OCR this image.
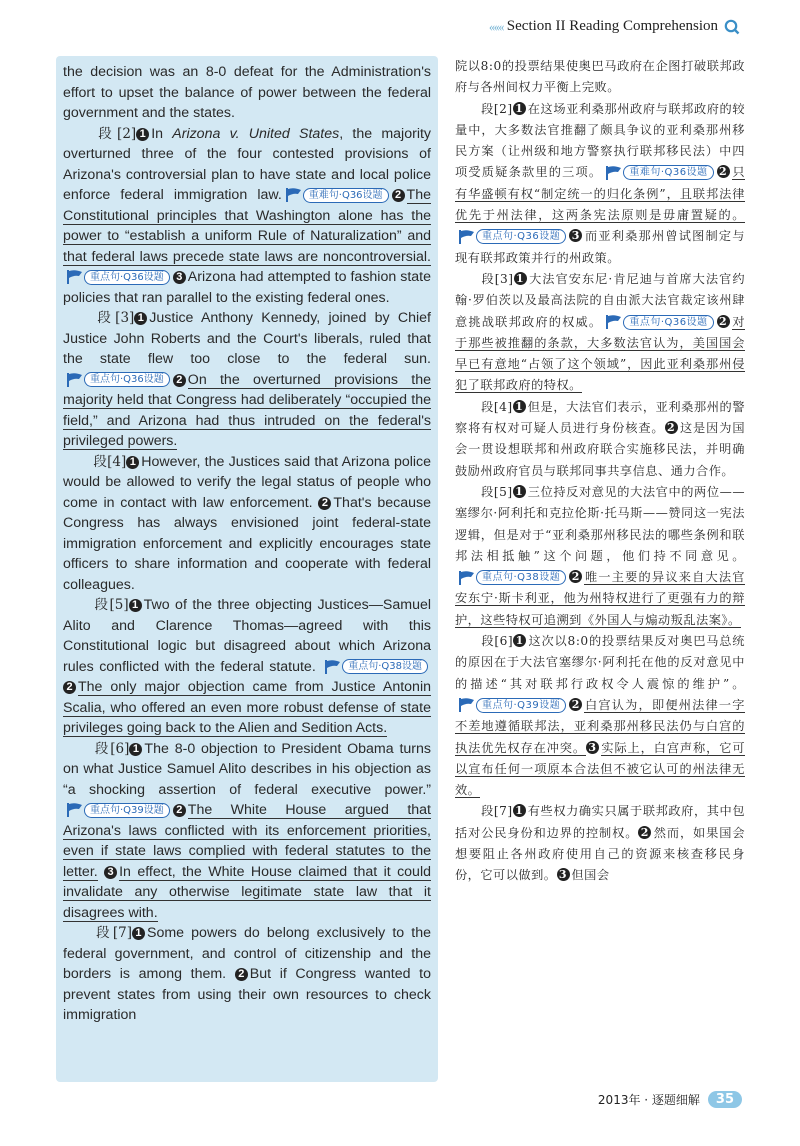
‹‹‹‹‹‹ Section II Reading Comprehension

the decision was an 8-0 defeat for the Administration's effort to upset the balance of power between the federal government and the states.

段[2] 1 In Arizona v. United States, the majority overturned three of the four contested provisions of Arizona's controversial plan to have state and local police enforce federal immigration law.	重难句·Q36设题	2 The Constitutional principles that Washington alone has the power to “establish a uniform Rule of Naturalization” and that federal laws precede state laws are noncontroversial.
重点句·Q36设题	3 Arizona had attempted to fashion state policies that ran parallel to the existing federal ones.

段[3] 1 Justice Anthony Kennedy, joined by Chief Justice John Roberts and the Court's liberals, ruled that the state flew too close to the federal sun.
重点句·Q36设题	2 On the overturned provisions the majority held that Congress had deliberately “occupied the field,” and Arizona had thus intruded on the federal's privileged powers.

段[4] 1 However, the Justices said that Arizona police would be allowed to verify the legal status of people who come in contact with law enforcement. 2 That's because Congress has always envisioned joint federal-state immigration enforcement and explicitly encourages state officers to share information and cooperate with federal colleagues.

段[5] 1 Two of the three objecting Justices—Samuel Alito and Clarence Thomas—agreed with this Constitutional logic but disagreed about which Arizona rules conflicted with the federal statute.	重点句·Q38设题
2 The only major objection came from Justice Antonin Scalia, who offered an even more robust defense of state privileges going back to the Alien and Sedition Acts.

段[6] 1 The 8-0 objection to President Obama turns on what Justice Samuel Alito describes in his objection as “a shocking assertion of federal executive power.”
重点句·Q39设题	2 The White House argued that Arizona's laws conflicted with its enforcement priorities, even if state laws complied with federal statutes to the letter. 3 In effect, the White House claimed that it could invalidate any otherwise legitimate state law that it disagrees with.

段[7] 1 Some powers do belong exclusively to the federal government, and control of citizenship and the borders is among them. 2 But if Congress wanted to prevent states from using their own resources to check immigration

院以8:0的投票结果使奥巴马政府在企图打破联邦政府与各州间权力平衡上完败。

段[2] 1 在这场亚利桑那州政府与联邦政府的较量中，大多数法官推翻了颇具争议的亚利桑那州移民方案（让州级和地方警察执行联邦移民法）中四项受质疑条款里的三项。	重难句·Q36设题	2 只有华盛顿有权“制定统一的归化条例”，且联邦法律优先于州法律，这两条宪法原则是毋庸置疑的。
重点句·Q36设题	3 而亚利桑那州曾试图制定与现有联邦政策并行的州政策。

段[3] 1 大法官安东尼·肯尼迪与首席大法官约翰·罗伯茨以及最高法院的自由派大法官裁定该州肆意挑战联邦政府的权威。	重点句·Q36设题	2 对于那些被推翻的条款，大多数法官认为，美国国会早已有意地“占领了这个领域”，因此亚利桑那州侵犯了联邦政府的特权。

段[4] 1 但是，大法官们表示，亚利桑那州的警察将有权对可疑人员进行身份核查。 2 这是因为国会一贯设想联邦和州政府联合实施移民法，并明确鼓励州政府官员与联邦同事共享信息、通力合作。

段[5] 1 三位持反对意见的大法官中的两位——塞缪尔·阿利托和克拉伦斯·托马斯——赞同这一宪法逻辑，但是对于“亚利桑那州移民法的哪些条例和联邦法相抵触”这个问题，他们持不同意见。
重点句·Q38设题	2 唯一主要的异议来自大法官安东宁·斯卡利亚，他为州特权进行了更强有力的辩护，这些特权可追溯到《外国人与煽动叛乱法案》。

段[6] 1 这次以8:0的投票结果反对奥巴马总统的原因在于大法官塞缪尔·阿利托在他的反对意见中的描述“其对联邦行政权令人震惊的维护”。
重点句·Q39设题	2 白宫认为，即便州法律一字不差地遵循联邦法，亚利桑那州移民法仍与白宫的执法优先权存在冲突。 3 实际上，白宫声称，它可以宣布任何一项原本合法但不被它认可的州法律无效。

段[7] 1 有些权力确实只属于联邦政府，其中包括对公民身份和边界的控制权。 2 然而，如果国会想要阻止各州政府使用自己的资源来核查移民身份，它可以做到。 3 但国会

2013年 · 逐题细解	35
